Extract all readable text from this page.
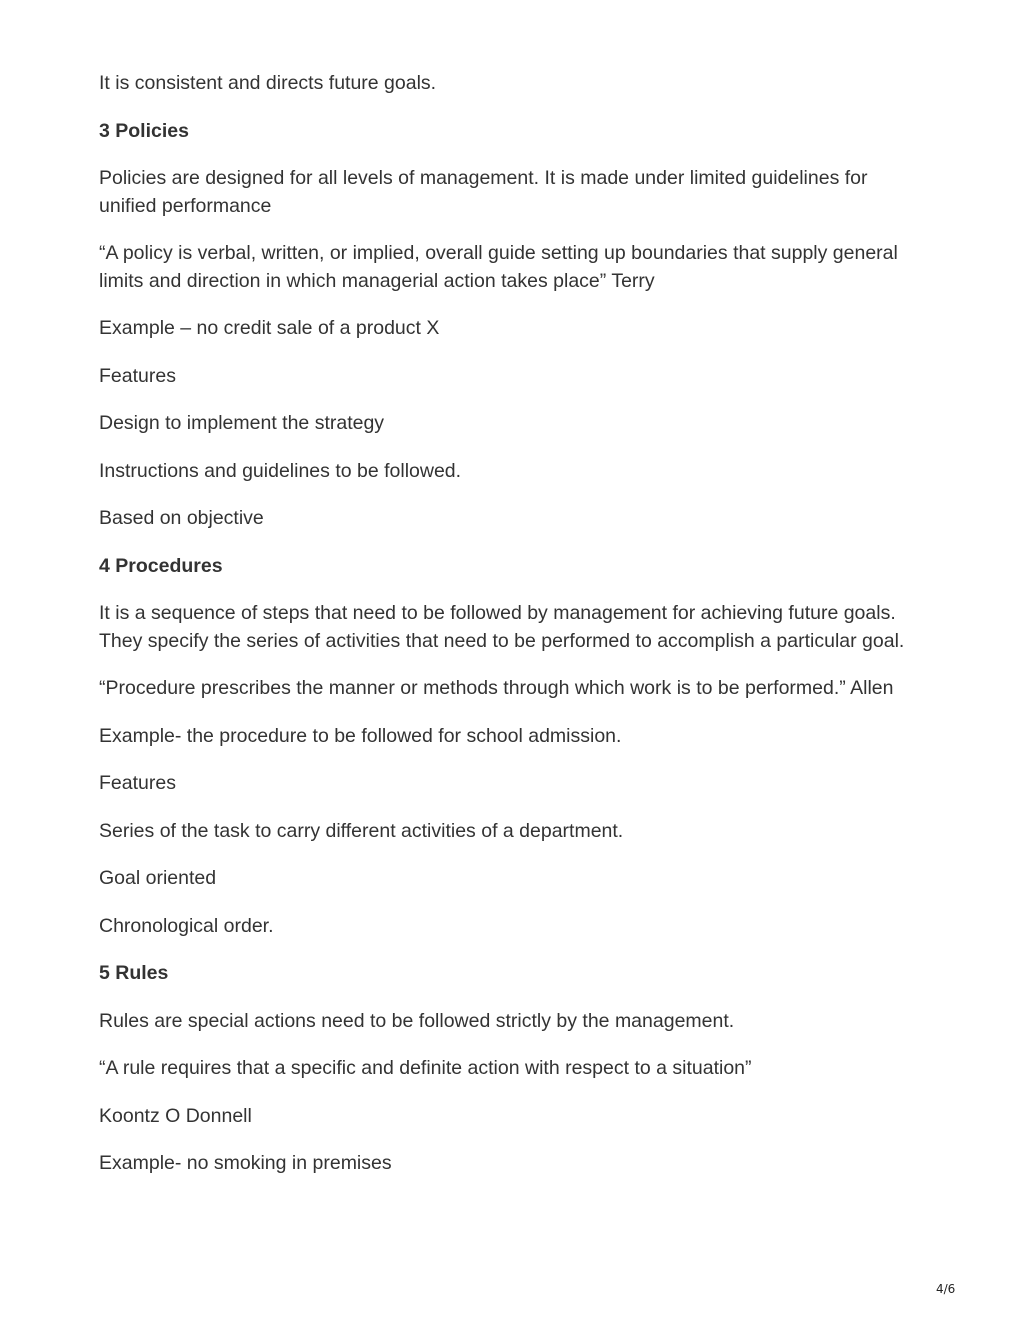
It is consistent and directs future goals.

3 Policies

Policies are designed for all levels of management. It is made under limited guidelines for unified performance

“A policy is verbal, written, or implied, overall guide setting up boundaries that supply general limits and direction in which managerial action takes place” Terry

Example – no credit sale of a product X

Features

Design to implement the strategy

Instructions and guidelines to be followed.

Based on objective

4 Procedures

It is a sequence of steps that need to be followed by management for achieving future goals. They specify the series of activities that need to be performed to accomplish a particular goal.

“Procedure prescribes the manner or methods through which work is to be performed.” Allen

Example- the procedure to be followed for school admission.

Features

Series of the task to carry different activities of a department.

Goal oriented

Chronological order.

5 Rules

Rules are special actions need to be followed strictly by the management.

“A rule requires that a specific and definite action with respect to a situation”

Koontz O Donnell

Example- no smoking in premises

4/6
